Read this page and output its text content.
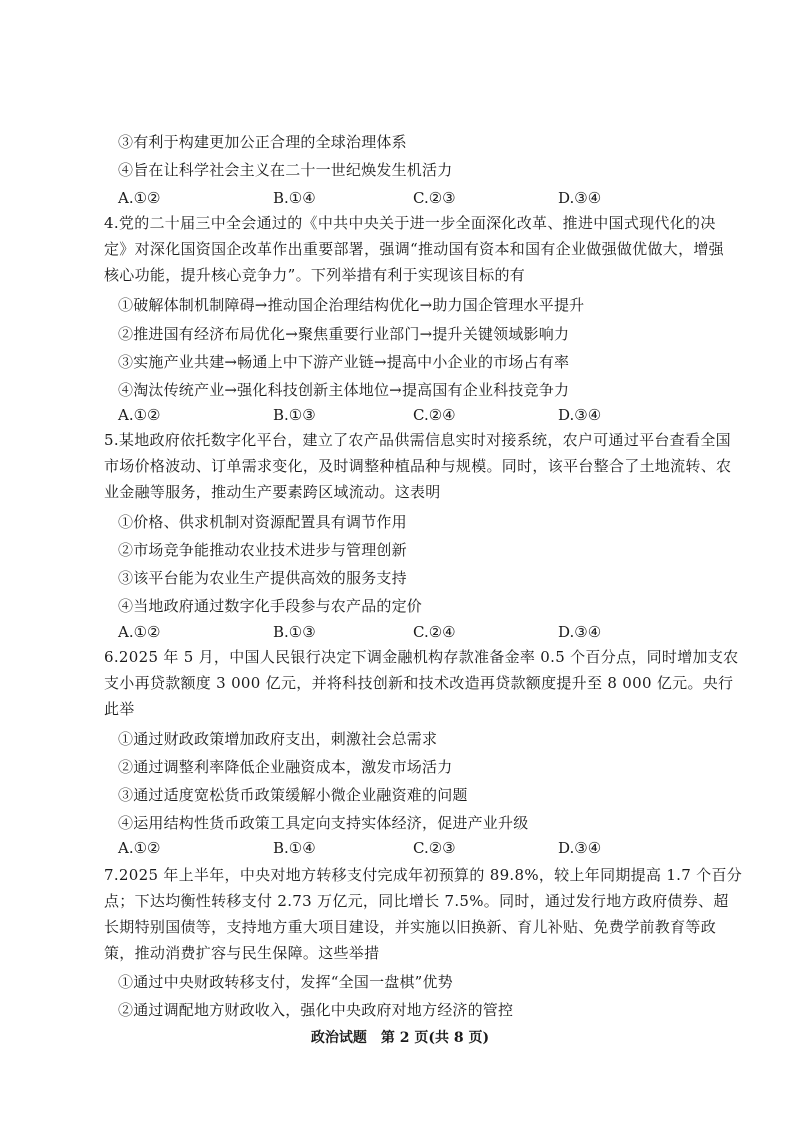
③有利于构建更加公正合理的全球治理体系
④旨在让科学社会主义在二十一世纪焕发生机活力
A.①②	B.①④	C.②③	D.③④
4.党的二十届三中全会通过的《中共中央关于进一步全面深化改革、推进中国式现代化的决
定》对深化国资国企改革作出重要部署，强调“推动国有资本和国有企业做强做优做大，增强
核心功能，提升核心竞争力”。下列举措有利于实现该目标的有
①破解体制机制障碍→推动国企治理结构优化→助力国企管理水平提升
②推进国有经济布局优化→聚焦重要行业部门→提升关键领域影响力
③实施产业共建→畅通上中下游产业链→提高中小企业的市场占有率
④淘汰传统产业→强化科技创新主体地位→提高国有企业科技竞争力
A.①②	B.①③	C.②④	D.③④
5.某地政府依托数字化平台，建立了农产品供需信息实时对接系统，农户可通过平台查看全国
市场价格波动、订单需求变化，及时调整种植品种与规模。同时，该平台整合了土地流转、农
业金融等服务，推动生产要素跨区域流动。这表明
①价格、供求机制对资源配置具有调节作用
②市场竞争能推动农业技术进步与管理创新
③该平台能为农业生产提供高效的服务支持
④当地政府通过数字化手段参与农产品的定价
A.①②	B.①③	C.②④	D.③④
6.2025 年 5 月，中国人民银行决定下调金融机构存款准备金率 0.5 个百分点，同时增加支农
支小再贷款额度 3 000 亿元，并将科技创新和技术改造再贷款额度提升至 8 000 亿元。央行
此举
①通过财政政策增加政府支出，刺激社会总需求
②通过调整利率降低企业融资成本，激发市场活力
③通过适度宽松货币政策缓解小微企业融资难的问题
④运用结构性货币政策工具定向支持实体经济，促进产业升级
A.①②	B.①④	C.②③	D.③④
7.2025 年上半年，中央对地方转移支付完成年初预算的 89.8%，较上年同期提高 1.7 个百分
点；下达均衡性转移支付 2.73 万亿元，同比增长 7.5%。同时，通过发行地方政府债券、超
长期特别国债等，支持地方重大项目建设，并实施以旧换新、育儿补贴、免费学前教育等政
策，推动消费扩容与民生保障。这些举措
①通过中央财政转移支付，发挥“全国一盘棋”优势
②通过调配地方财政收入，强化中央政府对地方经济的管控
政治试题　第 2 页(共 8 页)
